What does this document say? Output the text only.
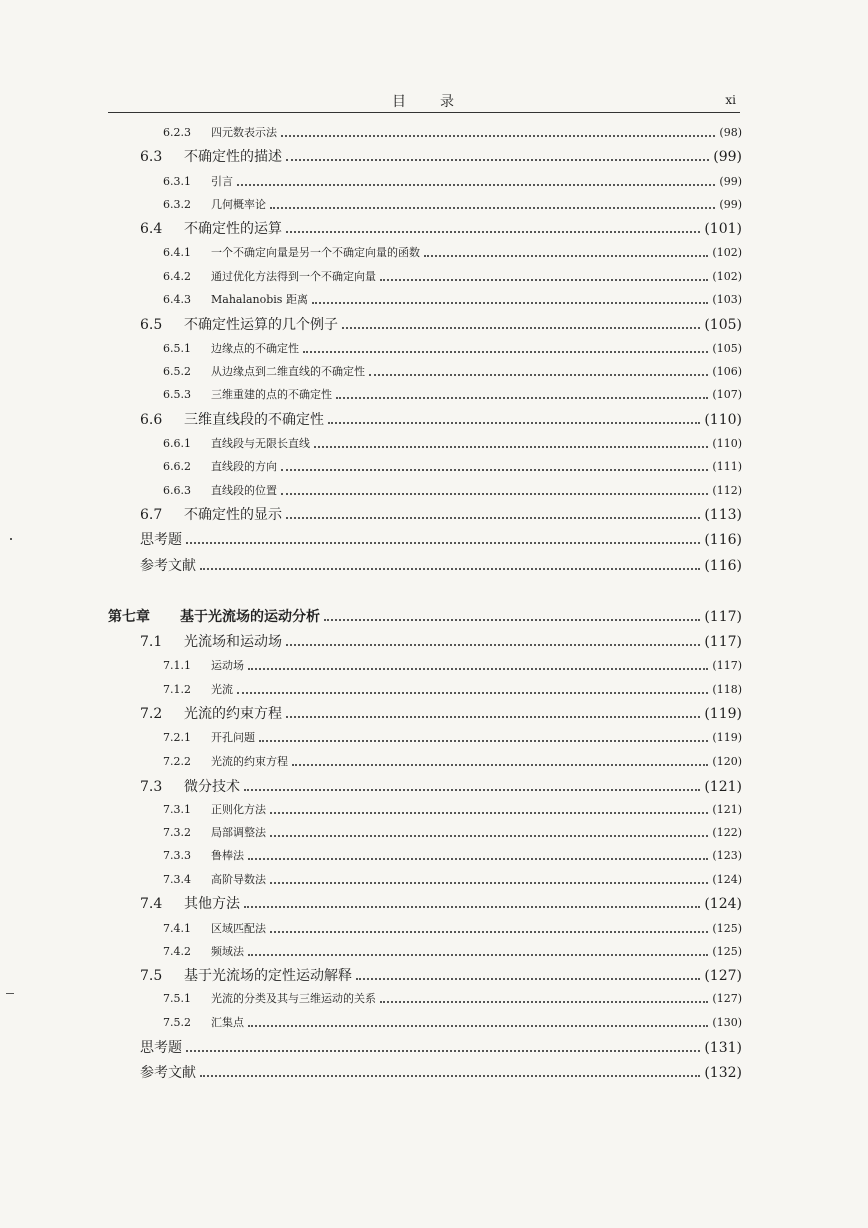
目　　录	xi
6.2.3	四元数表示法	(98)
6.3	不确定性的描述	(99)
6.3.1	引言	(99)
6.3.2	几何概率论	(99)
6.4	不确定性的运算	(101)
6.4.1	一个不确定向量是另一个不确定向量的函数	(102)
6.4.2	通过优化方法得到一个不确定向量	(102)
6.4.3	Mahalanobis 距离	(103)
6.5	不确定性运算的几个例子	(105)
6.5.1	边缘点的不确定性	(105)
6.5.2	从边缘点到二维直线的不确定性	(106)
6.5.3	三维重建的点的不确定性	(107)
6.6	三维直线段的不确定性	(110)
6.6.1	直线段与无限长直线	(110)
6.6.2	直线段的方向	(111)
6.6.3	直线段的位置	(112)
6.7	不确定性的显示	(113)
思考题	(116)
参考文献	(116)
第七章	基于光流场的运动分析	(117)
7.1	光流场和运动场	(117)
7.1.1	运动场	(117)
7.1.2	光流	(118)
7.2	光流的约束方程	(119)
7.2.1	开孔问题	(119)
7.2.2	光流的约束方程	(120)
7.3	微分技术	(121)
7.3.1	正则化方法	(121)
7.3.2	局部调整法	(122)
7.3.3	鲁棒法	(123)
7.3.4	高阶导数法	(124)
7.4	其他方法	(124)
7.4.1	区域匹配法	(125)
7.4.2	频域法	(125)
7.5	基于光流场的定性运动解释	(127)
7.5.1	光流的分类及其与三维运动的关系	(127)
7.5.2	汇集点	(130)
思考题	(131)
参考文献	(132)
